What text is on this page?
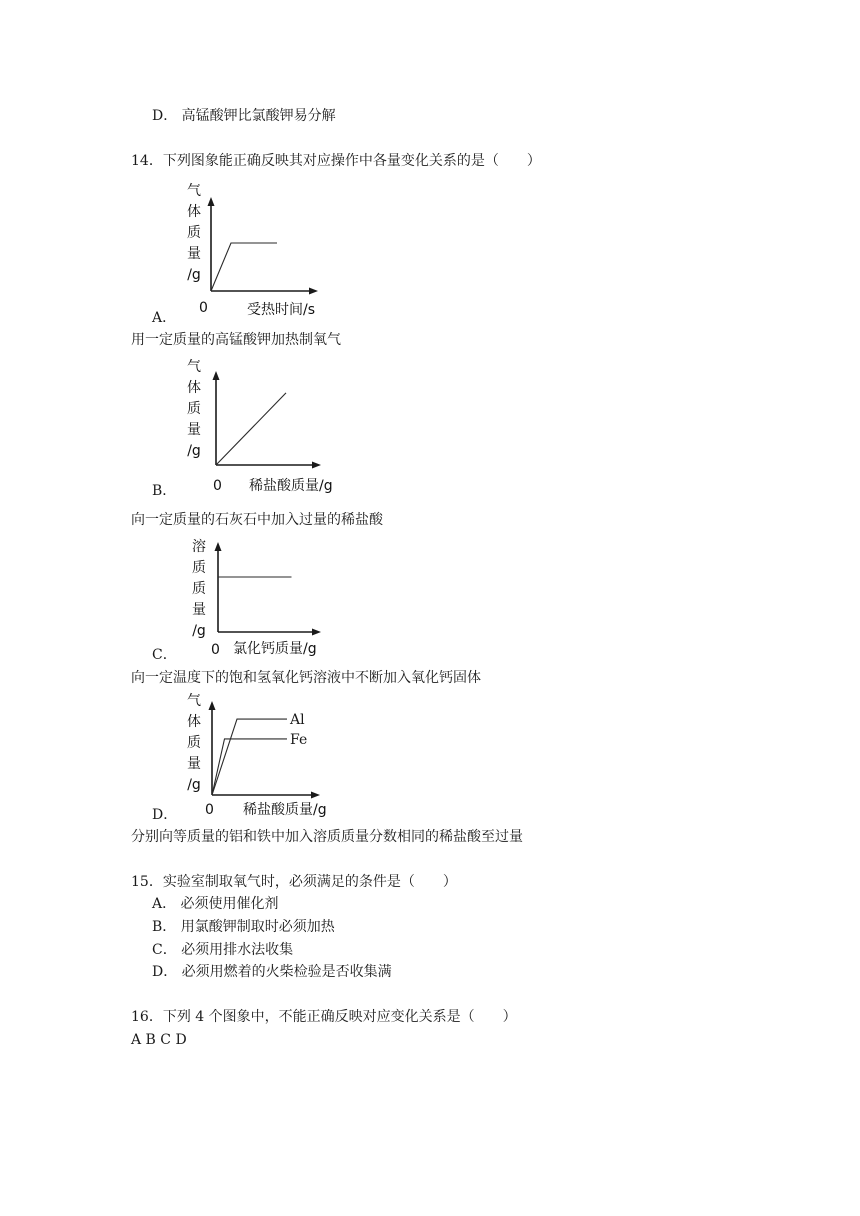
D． 高锰酸钾比氯酸钾易分解
14．下列图象能正确反映其对应操作中各量变化关系的是（　　）
气
体
质
量
/g
0	受热时间/s
A．
用一定质量的高锰酸钾加热制氧气
气
体
质
量
/g
0 稀盐酸质量/g
B．
向一定质量的石灰石中加入过量的稀盐酸
溶
质
质
量
/g
0 氯化钙质量/g
C．
向一定温度下的饱和氢氧化钙溶液中不断加入氧化钙固体
气
体
质
量
/g
Al
Fe
0 稀盐酸质量/g
D．
分别向等质量的铝和铁中加入溶质质量分数相同的稀盐酸至过量
15．实验室制取氧气时，必须满足的条件是（　　）
A． 必须使用催化剂
B． 用氯酸钾制取时必须加热
C． 必须用排水法收集
D． 必须用燃着的火柴检验是否收集满
16．下列 4 个图象中，不能正确反映对应变化关系是（　　）
A B C D
